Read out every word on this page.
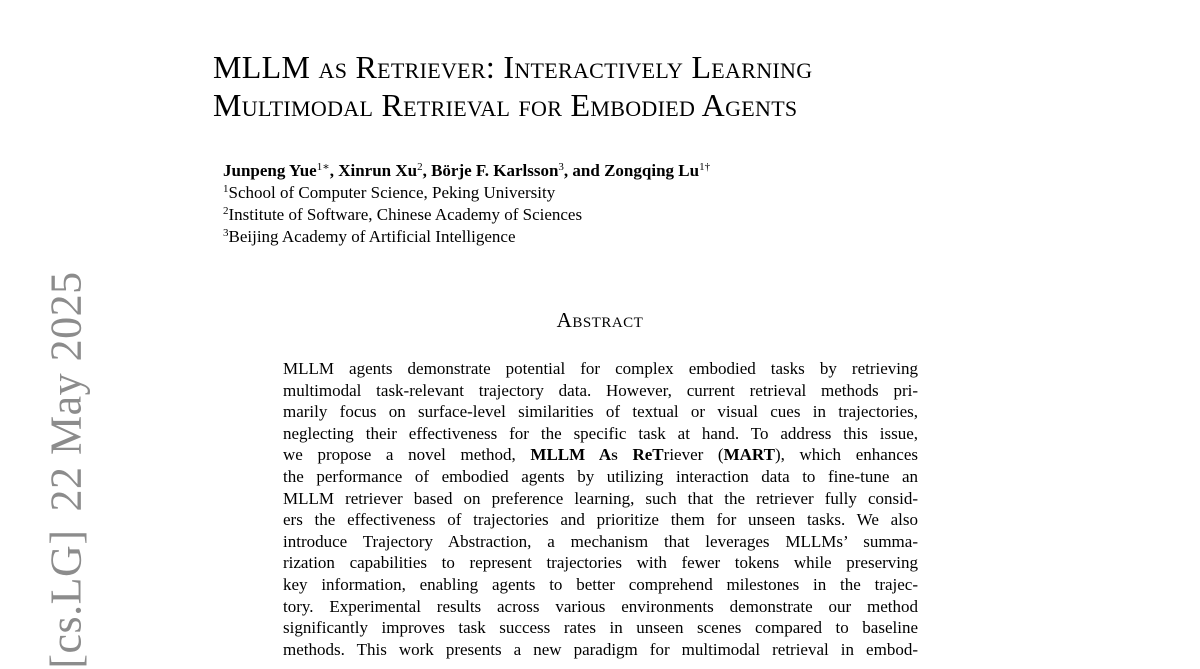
[cs.LG]22 May 2025
MLLM as Retriever: Interactively Learning
Multimodal Retrieval for Embodied Agents
Junpeng Yue$^{1∗}$, Xinrun Xu$^2$, Börje F. Karlsson$^3$, and Zongqing $Lu^{1\dagger}$
$^1$School of Computer Science, Peking University
$^2$Institute of Software, Chinese Academy of Sciences
$^3$Beijing Academy of Artificial Intelligence
Abstract
MLLM agents demonstrate potential for complex embodied tasks by retrieving
multimodal task-relevant trajectory data. However, current retrieval methods pri-
marily focus on surface-level similarities of textual or visual cues in trajectories,
neglecting their effectiveness for the specific task at hand. To address this issue,
we propose a novel method, MLLM As ReTriever (MART), which enhances
the performance of embodied agents by utilizing interaction data to fine-tune an
MLLM retriever based on preference learning, such that the retriever fully consid-
ers the effectiveness of trajectories and prioritize them for unseen tasks. We also
introduce Trajectory Abstraction, a mechanism that leverages MLLMs’ summa-
rization capabilities to represent trajectories with fewer tokens while preserving
key information, enabling agents to better comprehend milestones in the trajec-
tory. Experimental results across various environments demonstrate our method
significantly improves task success rates in unseen scenes compared to baseline
methods. This work presents a new paradigm for multimodal retrieval in embod-
